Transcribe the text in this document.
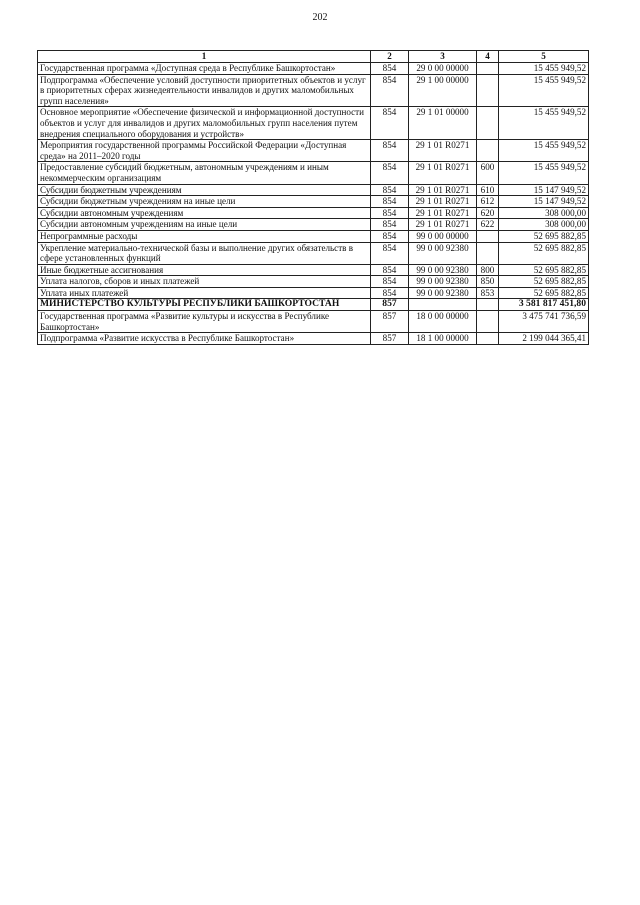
202
1	2	3	4	5
Государственная программа «Доступная среда в Республике Башкортостан»	854	29 0 00 00000		15 455 949,52
Подпрограмма «Обеспечение условий доступности приоритетных объектов и услуг в приоритетных сферах жизнедеятельности инвалидов и других маломобильных групп населения»	854	29 1 00 00000		15 455 949,52
Основное мероприятие «Обеспечение физической и информационной доступности объектов и услуг для инвалидов и других маломобильных групп населения путем внедрения специального оборудования и устройств»	854	29 1 01 00000		15 455 949,52
Мероприятия государственной программы Российской Федерации «Доступная среда» на 2011–2020 годы	854	29 1 01 R0271		15 455 949,52
Предоставление субсидий бюджетным, автономным учреждениям и иным некоммерческим организациям	854	29 1 01 R0271	600	15 455 949,52
Субсидии бюджетным учреждениям	854	29 1 01 R0271	610	15 147 949,52
Субсидии бюджетным учреждениям на иные цели	854	29 1 01 R0271	612	15 147 949,52
Субсидии автономным учреждениям	854	29 1 01 R0271	620	308 000,00
Субсидии автономным учреждениям на иные цели	854	29 1 01 R0271	622	308 000,00
Непрограммные расходы	854	99 0 00 00000		52 695 882,85
Укрепление материально-технической базы и выполнение других обязательств в сфере установленных функций	854	99 0 00 92380		52 695 882,85
Иные бюджетные ассигнования	854	99 0 00 92380	800	52 695 882,85
Уплата налогов, сборов и иных платежей	854	99 0 00 92380	850	52 695 882,85
Уплата иных платежей	854	99 0 00 92380	853	52 695 882,85
МИНИСТЕРСТВО КУЛЬТУРЫ РЕСПУБЛИКИ БАШКОРТОСТАН	857			3 581 817 451,80
Государственная программа «Развитие культуры и искусства в Республике Башкортостан»	857	18 0 00 00000		3 475 741 736,59
Подпрограмма «Развитие искусства в Республике Башкортостан»	857	18 1 00 00000		2 199 044 365,41
